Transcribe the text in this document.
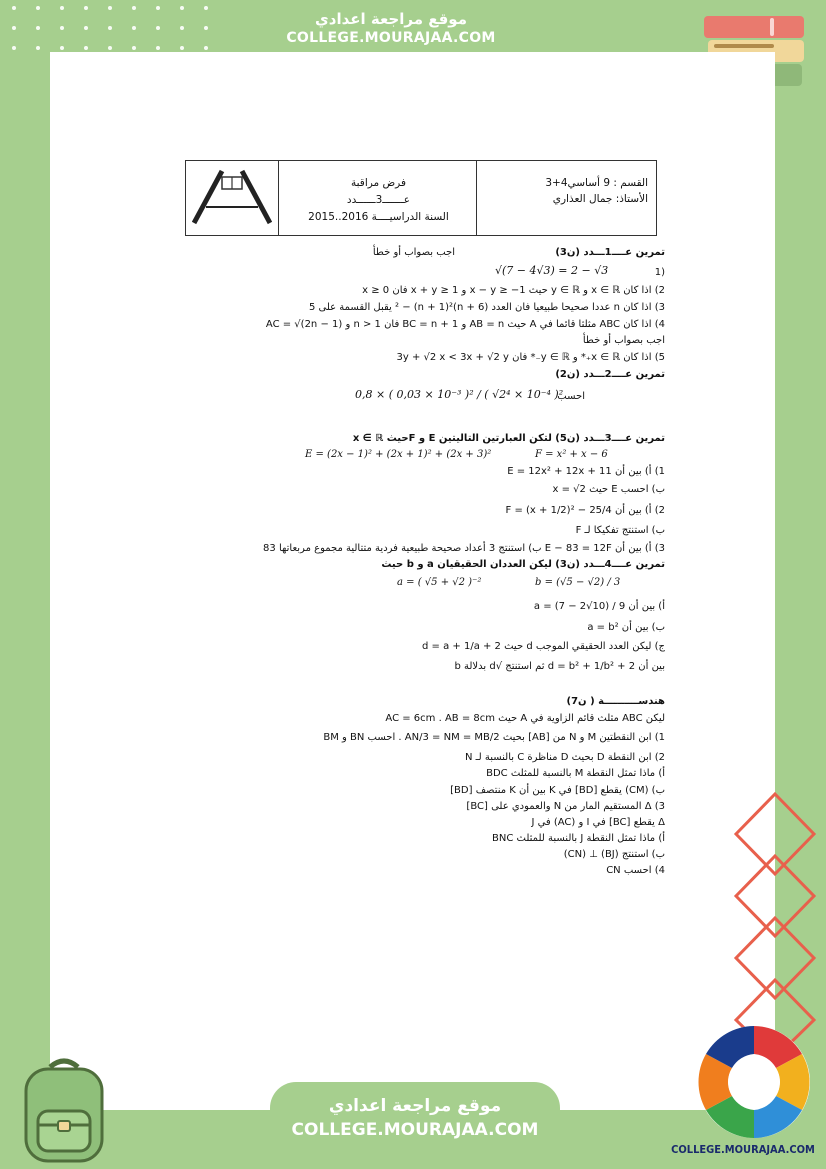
موقع مراجعة اعدادي
COLLEGE.MOURAJAA.COM
القسم : 9 أساسي4+3
الأستاذ: جمال العذاري
فرض مراقبة
عـــــــ3ــــــدد
السنة الدراسيــــة 2016..2015
تمرين عــــ1ـــدد (ن3)
اجب بصواب أو خطأ
(1
√(7 − 4√3) = 2 − √3
2) اذا كان x ∈ ℝ و y ∈ ℝ حيث x − y ≥ −1 و x + y ≥ 1 فان x ≥ 0
3) اذا كان n عددا صحيحا طبيعيا فان العدد (n + 6)² − (n + 1)² يقبل القسمة على 5
4) اذا كان ABC مثلثا قائما في A حيث AB = n و BC = n + 1 فان n > 1 و AC = √(2n − 1)
اجب بصواب أو خطأ
5) اذا كان x ∈ ℝ₊* و y ∈ ℝ₋* فان 3y + √2 x < 3x + √2 y
تمرين عــــ2ـــدد (ن2)
احسب
0,8 × ( 0,03 × 10⁻³ )² / ( √2⁴ × 10⁻⁴ )²
تمرين عــــ3ـــدد (ن5) لتكن العبارتين التاليتين E و Fحيث x ∈ ℝ
E = (2x − 1)² + (2x + 1)² + (2x + 3)²	F = x² + x − 6
1) أ) بين أن E = 12x² + 12x + 11
ب) احسب E حيث x = √2
2) أ) بين أن F = (x + 1/2)² − 25/4
ب) استنتج تفكيكا لـ F
3) أ) بين أن E − 83 = 12F ب) استنتج 3 أعداد صحيحة طبيعية فردية متتالية مجموع مربعاتها 83
تمرين عــــ4ـــدد (ن3) ليكن العددان الحقيقيان a و b حيث
a = ( √5 + √2 )⁻²	b = (√5 − √2) / 3
أ) بين أن a = (7 − 2√10) / 9
ب) بين أن a = b²
ج) ليكن العدد الحقيقي الموجب d حيث d = a + 1/a + 2
بين أن d = b² + 1/b² + 2 ثم استنتج √d بدلالة b
هندســــــــــة ( ن7)
ليكن ABC مثلث قائم الزاوية في A حيث AC = 6cm . AB = 8cm
1) ابن النقطتين M و N من [AB] بحيث AN/3 = NM = MB/2 . احسب BN و BM
2) ابن النقطة D بحيث D مناظرة C بالنسبة لـ N
أ) ماذا تمثل النقطة M بالنسبة للمثلث BDC
ب) (CM) يقطع [BD] في K بين أن K منتصف [BD]
3) Δ المستقيم المار من N والعمودي على [BC]
Δ يقطع [BC] في I و (AC) في J
أ) ماذا تمثل النقطة J بالنسبة للمثلث BNC
ب) استنتج (BJ) ⊥ (CN)
4) احسب CN
موقع مراجعة اعدادي
COLLEGE.MOURAJAA.COM
COLLEGE.MOURAJAA.COM
